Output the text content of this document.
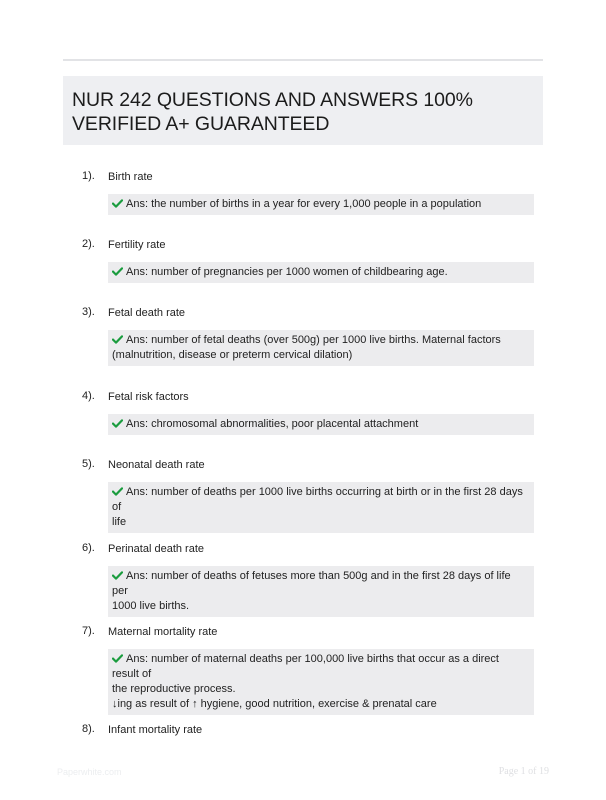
NUR 242 QUESTIONS AND ANSWERS 100%
VERIFIED A+ GUARANTEED
1). Birth rate
Ans: the number of births in a year for every 1,000 people in a population
2). Fertility rate
Ans: number of pregnancies per 1000 women of childbearing age.
3). Fetal death rate
Ans: number of fetal deaths (over 500g) per 1000 live births. Maternal factors
(malnutrition, disease or preterm cervical dilation)
4). Fetal risk factors
Ans: chromosomal abnormalities, poor placental attachment
5). Neonatal death rate
Ans: number of deaths per 1000 live births occurring at birth or in the first 28 days of
life
6). Perinatal death rate
Ans: number of deaths of fetuses more than 500g and in the first 28 days of life per
1000 live births.
7). Maternal mortality rate
Ans: number of maternal deaths per 100,000 live births that occur as a direct result of
the reproductive process.
↓ing as result of ↑ hygiene, good nutrition, exercise & prenatal care
8). Infant mortality rate
Paperwhite.com	Page 1 of 19
